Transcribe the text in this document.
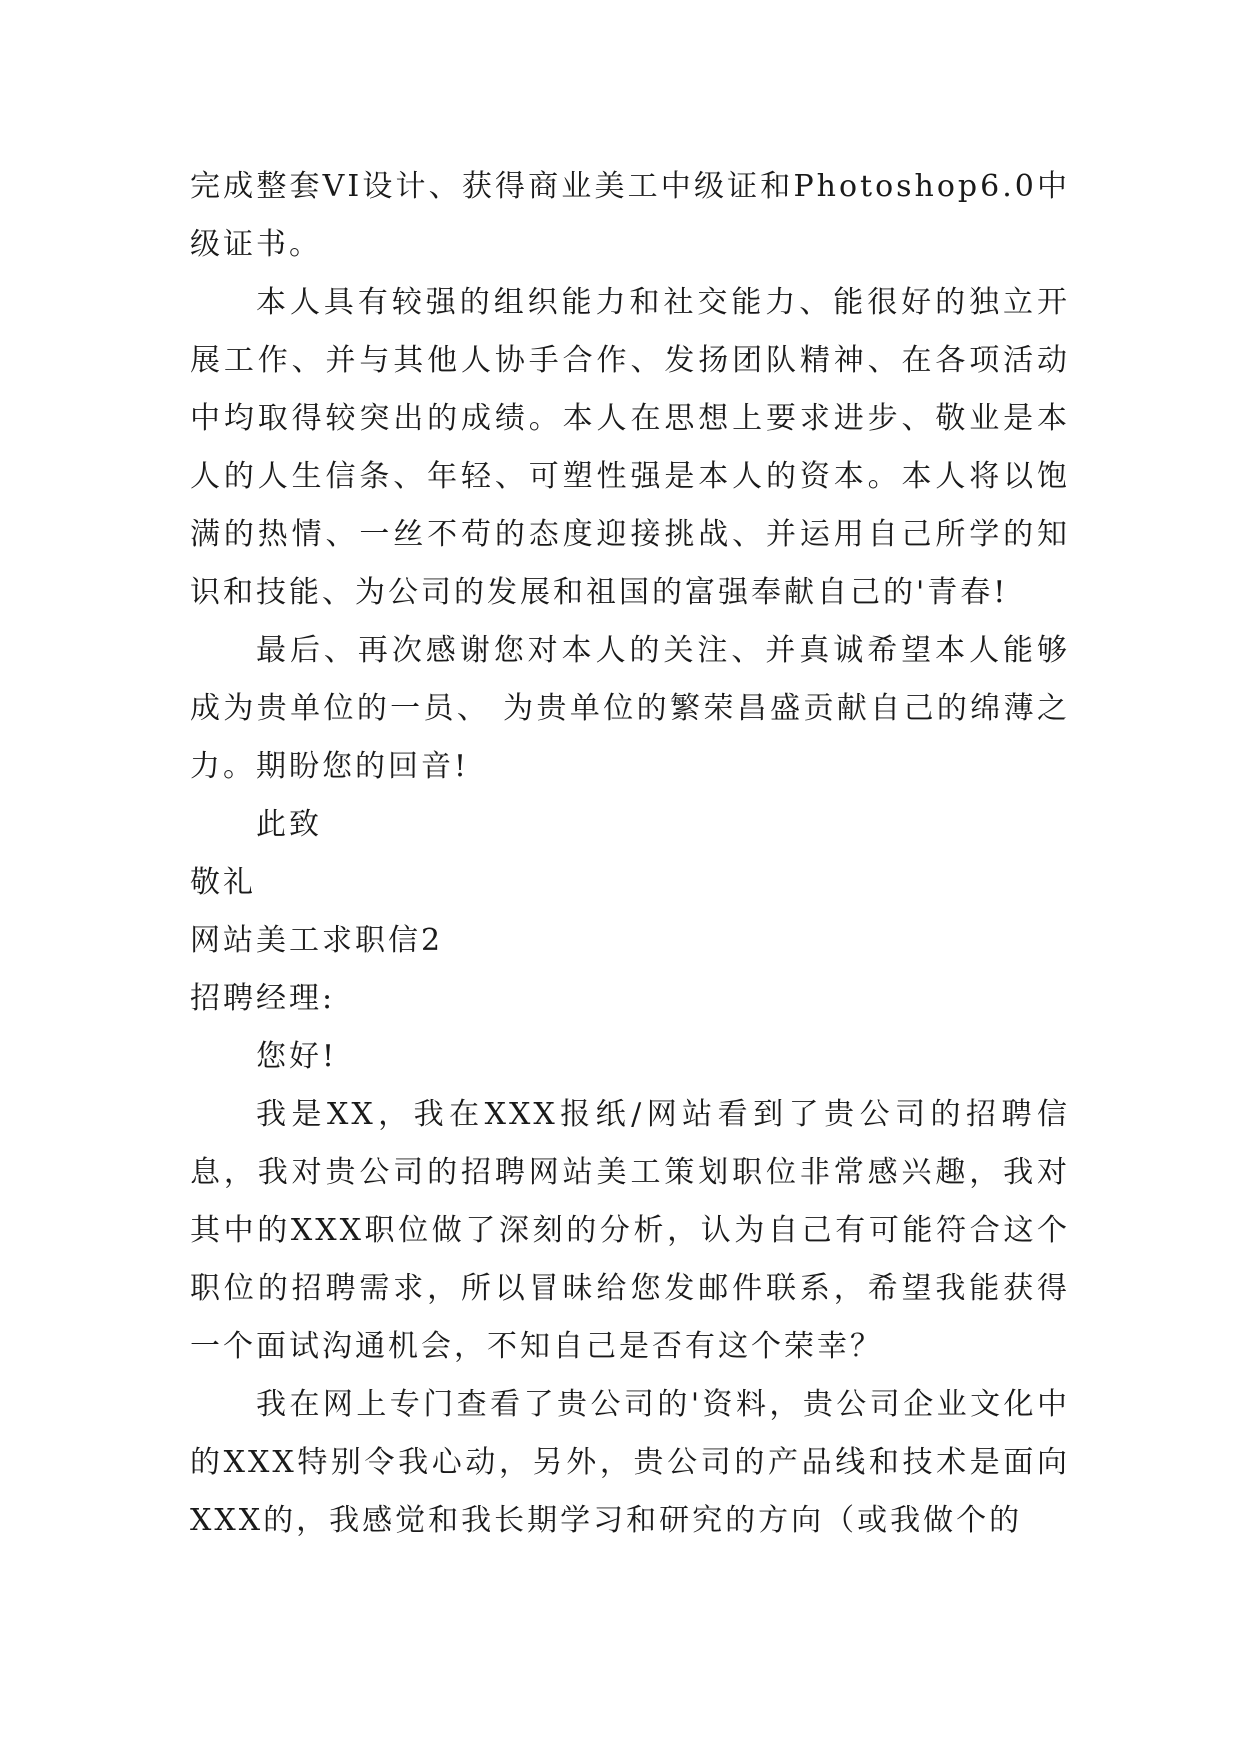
完成整套VI设计、获得商业美工中级证和Photoshop6.0中级证书。

本人具有较强的组织能力和社交能力、能很好的独立开展工作、并与其他人协手合作、发扬团队精神、在各项活动中均取得较突出的成绩。本人在思想上要求进步、敬业是本人的人生信条、年轻、可塑性强是本人的资本。本人将以饱满的热情、一丝不苟的态度迎接挑战、并运用自己所学的知识和技能、为公司的发展和祖国的富强奉献自己的'青春!

最后、再次感谢您对本人的关注、并真诚希望本人能够成为贵单位的一员、 为贵单位的繁荣昌盛贡献自己的绵薄之力。期盼您的回音!

此致

敬礼

网站美工求职信2

招聘经理:

您好!

我是XX，我在XXX报纸/网站看到了贵公司的招聘信息，我对贵公司的招聘网站美工策划职位非常感兴趣，我对其中的XXX职位做了深刻的分析，认为自己有可能符合这个职位的招聘需求，所以冒昧给您发邮件联系，希望我能获得一个面试沟通机会，不知自己是否有这个荣幸？

我在网上专门查看了贵公司的'资料，贵公司企业文化中的XXX特别令我心动，另外，贵公司的产品线和技术是面向XXX的，我感觉和我长期学习和研究的方向（或我做个的
